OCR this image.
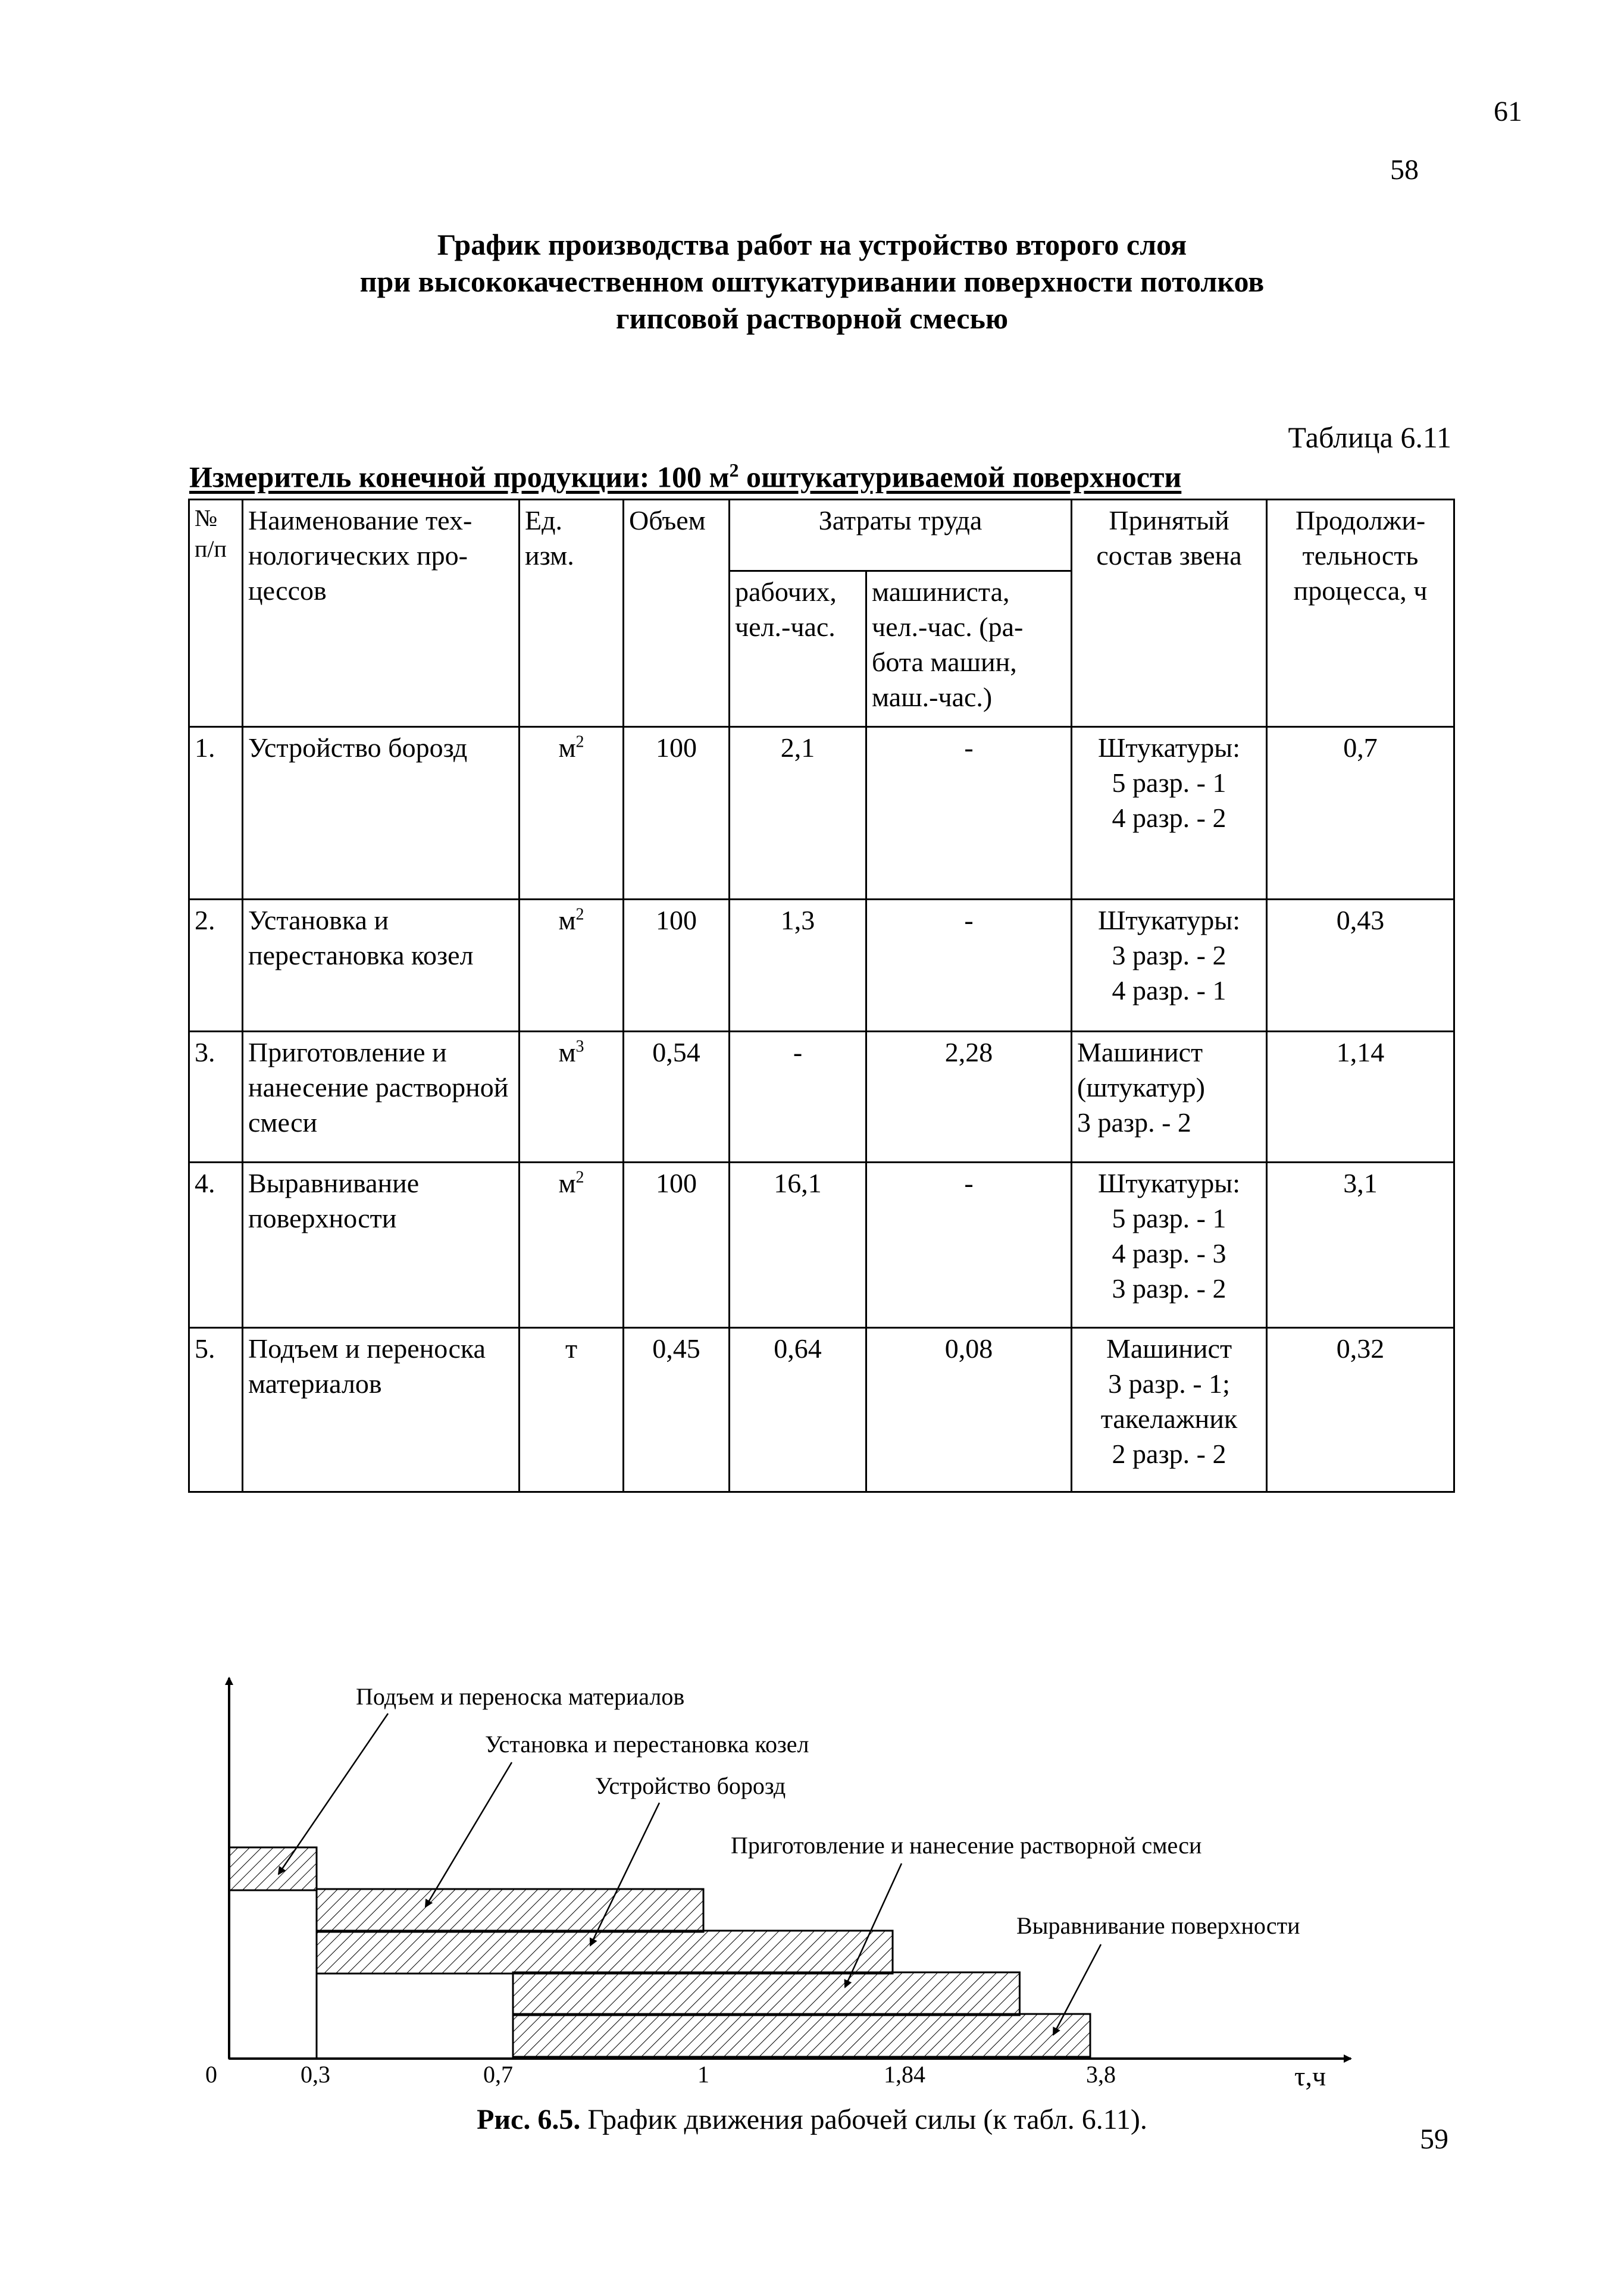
61
58
59
График производства работ на устройство второго слоя
при высококачественном оштукатуривании поверхности потолков
гипсовой растворной смесью
Таблица 6.11
Измеритель конечной продукции: 100 $м^2$ оштукатуриваемой поверхности
№ п/п	Наименование тех-нологических про-цессов	Ед. изм.	Объем	Затраты труда		Принятый состав звена	Продолжи-тельность процесса, ч
				рабочих, чел.-час.	машиниста, чел.-час. (ра-бота машин, маш.-час.)		
1.	Устройство борозд	$м^2$	100	2,1	-	Штукатуры:
5 разр. - 1
4 разр. - 2	0,7
2.	Установка и перестановка козел	$м^2$	100	1,3	-	Штукатуры:
3 разр. - 2
4 разр. - 1	0,43
3.	Приготовление и нанесение растворной смеси	$м^3$	0,54	-	2,28	Машинист
(штукатур)
3 разр. - 2	1,14
4.	Выравнивание поверхности	$м^2$	100	16,1	-	Штукатуры:
5 разр. - 1
4 разр. - 3
3 разр. - 2	3,1
5.	Подъем и переноска материалов	т	0,45	0,64	0,08	Машинист
3 разр. - 1;
такелажник
2 разр. - 2	0,32
0	0,3	0,7	1	1,84	3,8	τ,ч
Подъем и переноска материалов
Установка и перестановка козел
Устройство борозд
Приготовление и нанесение растворной смеси
Выравнивание поверхности
Рис. 6.5. График движения рабочей силы (к табл. 6.11).
